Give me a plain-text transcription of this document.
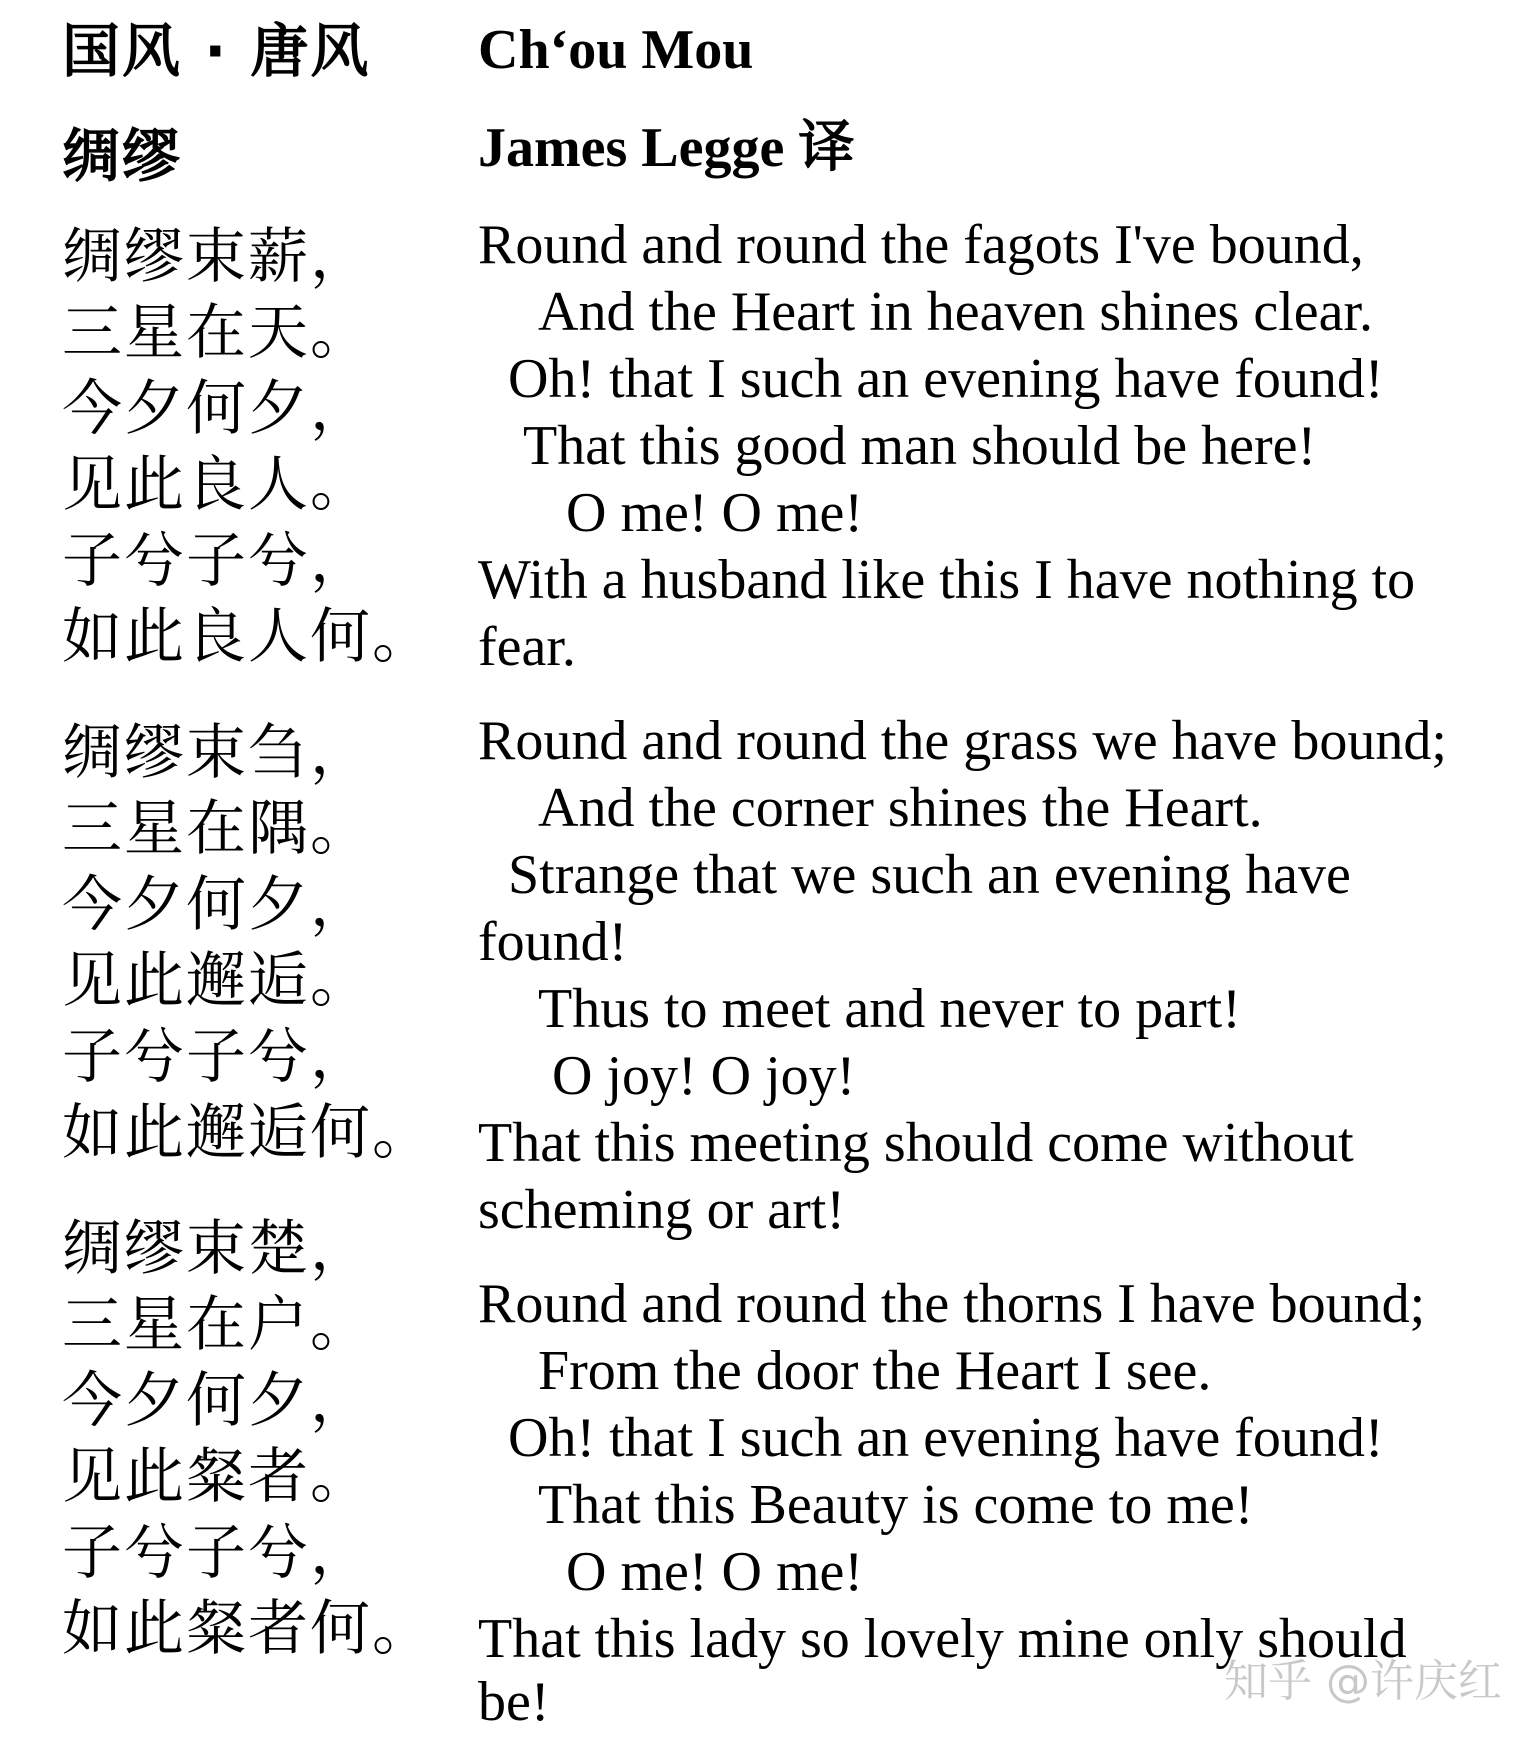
国风 · 唐风
绸缪
绸缪束薪，
三星在天。
今夕何夕，
见此良人。
子兮子兮，
如此良人何。
绸缪束刍，
三星在隅。
今夕何夕，
见此邂逅。
子兮子兮，
如此邂逅何。
绸缪束楚，
三星在户。
今夕何夕，
见此粲者。
子兮子兮，
如此粲者何。
Ch‘ou Mou
James Legge 译
Round and round the fagots I've bound,
And the Heart in heaven shines clear.
Oh! that I such an evening have found!
That this good man should be here!
O me! O me!
With a husband like this I have nothing to
fear.
Round and round the grass we have bound;
And the corner shines the Heart.
Strange that we such an evening have
found!
Thus to meet and never to part!
O joy! O joy!
That this meeting should come without
scheming or art!
Round and round the thorns I have bound;
From the door the Heart I see.
Oh! that I such an evening have found!
That this Beauty is come to me!
O me! O me!
That this lady so lovely mine only should
be!	知乎 @许庆红
